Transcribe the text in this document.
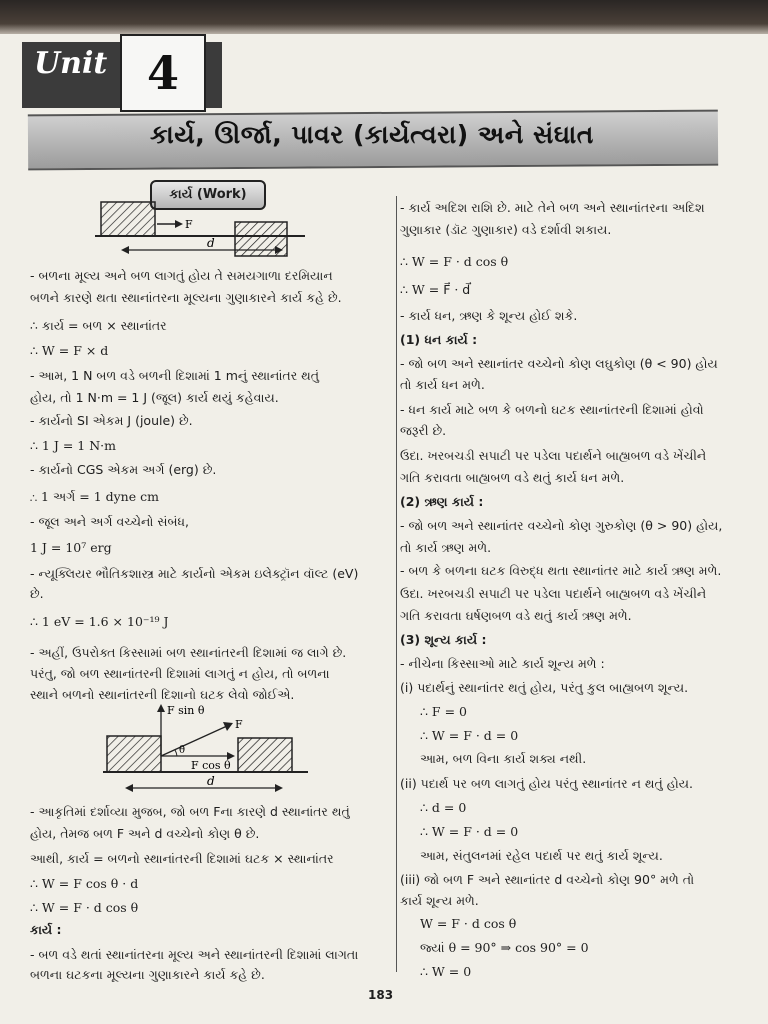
Unit 4
કાર્ય, ઊર્જા, પાવર (કાર્યત્વરા) અને સંઘાત
કાર્ય (Work)
F
d
F sin θ
F
θ
F cos θ
d
- બળના મૂલ્ય અને બળ લાગતું હોય તે સમયગાળા દરમિયાન
બળને કારણે થતા સ્થાનાંતરના મૂલ્યના ગુણાકારને કાર્ય કહે છે.
∴ કાર્ય = બળ × સ્થાનાંતર
∴ W = F × d
- આમ, 1 N બળ વડે બળની દિશામાં 1 mનું સ્થાનાંતર થતું
હોય, તો 1 N·m = 1 J (જૂલ) કાર્ય થયું કહેવાય.
- કાર્યનો SI એકમ J (joule) છે.
∴ 1 J = 1 N·m
- કાર્યનો CGS એકમ અર્ગ (erg) છે.
∴ 1 અર્ગ = 1 dyne cm
- જૂલ અને અર્ગ વચ્ચેનો સંબંધ,
1 J = 10⁷ erg
- ન્યૂક્લિયર ભૌતિકશાસ્ત્ર માટે કાર્યનો એકમ ઇલેક્ટ્રૉન વૉલ્ટ (eV)
છે.
∴ 1 eV = 1.6 × 10⁻¹⁹ J
- અહીં, ઉપરોક્ત કિસ્સામાં બળ સ્થાનાંતરની દિશામાં જ લાગે છે.
પરંતુ, જો બળ સ્થાનાંતરની દિશામાં લાગતું ન હોય, તો બળના
સ્થાને બળનો સ્થાનાંતરની દિશાનો ઘટક લેવો જોઈએ.
- આકૃતિમાં દર્શાવ્યા મુજબ, જો બળ Fના કારણે d સ્થાનાંતર થતું
હોય, તેમજ બળ F અને d વચ્ચેનો કોણ θ છે.
આથી, કાર્ય = બળનો સ્થાનાંતરની દિશામાં ઘટક × સ્થાનાંતર
∴ W = F cos θ · d
∴ W = F · d cos θ
કાર્ય :
- બળ વડે થતાં સ્થાનાંતરના મૂલ્ય અને સ્થાનાંતરની દિશામાં લાગતા
બળના ઘટકના મૂલ્યના ગુણાકારને કાર્ય કહે છે.
- કાર્ય અદિશ રાશિ છે. માટે તેને બળ અને સ્થાનાંતરના અદિશ
ગુણાકાર (ડૉટ ગુણાકાર) વડે દર્શાવી શકાય.
∴ W = F · d cos θ
∴ W = F⃗ · d⃗
- કાર્ય ધન, ઋણ કે શૂન્ય હોઈ શકે.
(1) ધન કાર્ય :
- જો બળ અને સ્થાનાંતર વચ્ચેનો કોણ લઘુકોણ (θ < 90) હોય
તો કાર્ય ધન મળે.
- ધન કાર્ય માટે બળ કે બળનો ઘટક સ્થાનાંતરની દિશામાં હોવો
જરૂરી છે.
ઉદા. ખરબચડી સપાટી પર પડેલા પદાર્થને બાહ્યબળ વડે ખેંચીને
ગતિ કરાવતા બાહ્યબળ વડે થતું કાર્ય ધન મળે.
(2) ઋણ કાર્ય :
- જો બળ અને સ્થાનાંતર વચ્ચેનો કોણ ગુરુકોણ (θ > 90) હોય,
તો કાર્ય ઋણ મળે.
- બળ કે બળના ઘટક વિરુદ્ધ થતા સ્થાનાંતર માટે કાર્ય ઋણ મળે.
ઉદા. ખરબચડી સપાટી પર પડેલા પદાર્થને બાહ્યબળ વડે ખેંચીને
ગતિ કરાવતા ઘર્ષણબળ વડે થતું કાર્ય ઋણ મળે.
(3) શૂન્ય કાર્ય :
- નીચેના કિસ્સાઓ માટે કાર્ય શૂન્ય મળે :
(i) પદાર્થનું સ્થાનાંતર થતું હોય, પરંતુ કુલ બાહ્યબળ શૂન્ય.
∴ F = 0
∴ W = F · d = 0
આમ, બળ વિના કાર્ય શક્ય નથી.
(ii) પદાર્થ પર બળ લાગતું હોય પરંતુ સ્થાનાંતર ન થતું હોય.
∴ d = 0
∴ W = F · d = 0
આમ, સંતુલનમાં રહેલ પદાર્થ પર થતું કાર્ય શૂન્ય.
(iii) જો બળ F અને સ્થાનાંતર d વચ્ચેનો કોણ 90° મળે તો
કાર્ય શૂન્ય મળે.
W = F · d cos θ
જ્યાં θ = 90° ⇒ cos 90° = 0
∴ W = 0
183
